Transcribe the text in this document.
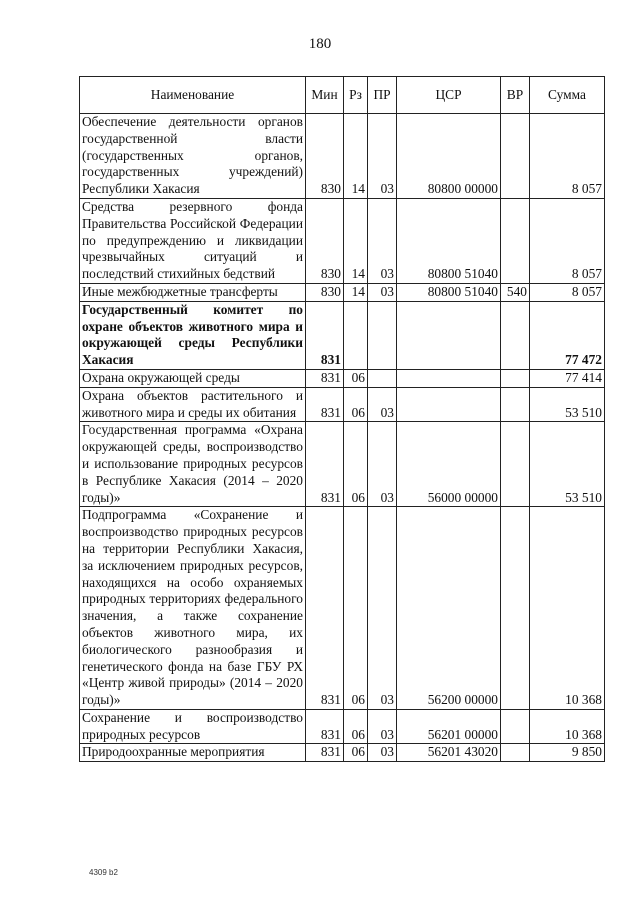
180
Наименование	Мин	Рз	ПР	ЦСР	ВР	Сумма
Обеспечение деятельности органов государственной власти (государственных органов, государственных учреждений) Республики Хакасия	830	14	03	80800 00000		8 057
Средства резервного фонда Правительства Российской Федерации по предупреждению и ликвидации чрезвычайных ситуаций и последствий стихийных бедствий	830	14	03	80800 51040		8 057
Иные межбюджетные трансферты	830	14	03	80800 51040	540	8 057
Государственный комитет по охране объектов животного мира и окружающей среды Республики Хакасия	831					77 472
Охрана окружающей среды	831	06				77 414
Охрана объектов растительного и животного мира и среды их обитания	831	06	03			53 510
Государственная программа «Охрана окружающей среды, воспроизводство и использование природных ресурсов в Республике Хакасия (2014 – 2020 годы)»	831	06	03	56000 00000		53 510
Подпрограмма «Сохранение и воспроизводство природных ресурсов на территории Республики Хакасия, за исключением природных ресурсов, находящихся на особо охраняемых природных территориях федерального значения, а также сохранение объектов животного мира, их биологического разнообразия и генетического фонда на базе ГБУ РХ «Центр живой природы» (2014 – 2020 годы)»	831	06	03	56200 00000		10 368
Сохранение и воспроизводство природных ресурсов	831	06	03	56201 00000		10 368
Природоохранные мероприятия	831	06	03	56201 43020		9 850
4309 b2
